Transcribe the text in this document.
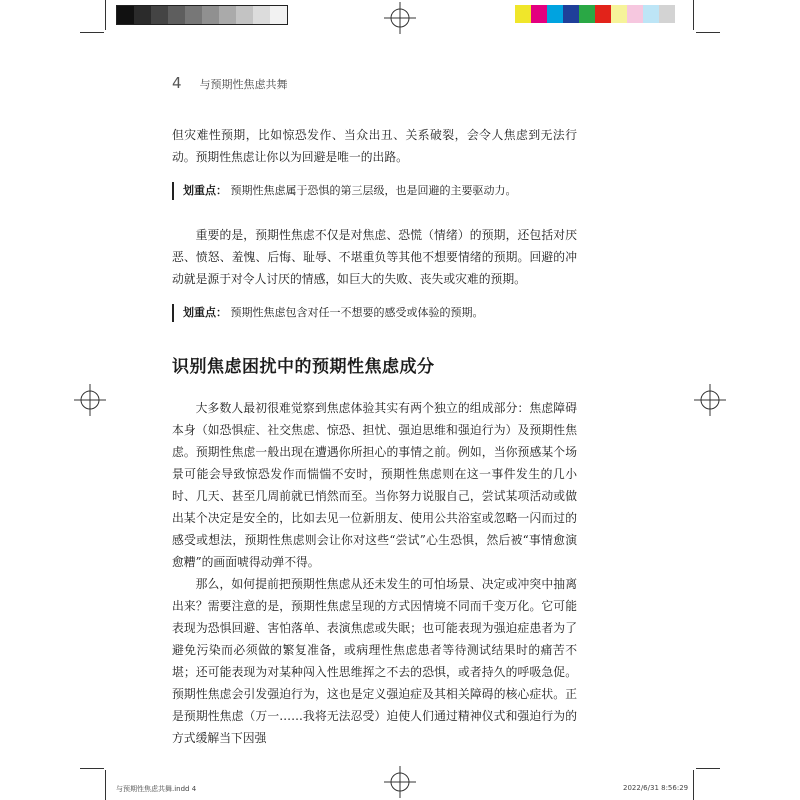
4 与预期性焦虑共舞

但灾难性预期，比如惊恐发作、当众出丑、关系破裂，会令人焦虑到无法行动。预期性焦虑让你以为回避是唯一的出路。

划重点： 预期性焦虑属于恐惧的第三层级，也是回避的主要驱动力。

重要的是，预期性焦虑不仅是对焦虑、恐慌（情绪）的预期，还包括对厌恶、愤怒、羞愧、后悔、耻辱、不堪重负等其他不想要情绪的预期。回避的冲动就是源于对令人讨厌的情感，如巨大的失败、丧失或灾难的预期。

划重点： 预期性焦虑包含对任一不想要的感受或体验的预期。
识别焦虑困扰中的预期性焦虑成分

大多数人最初很难觉察到焦虑体验其实有两个独立的组成部分：焦虑障碍本身（如恐惧症、社交焦虑、惊恐、担忧、强迫思维和强迫行为）及预期性焦虑。预期性焦虑一般出现在遭遇你所担心的事情之前。例如，当你预感某个场景可能会导致惊恐发作而惴惴不安时，预期性焦虑则在这一事件发生的几小时、几天、甚至几周前就已悄然而至。当你努力说服自己，尝试某项活动或做出某个决定是安全的，比如去见一位新朋友、使用公共浴室或忽略一闪而过的感受或想法，预期性焦虑则会让你对这些“尝试”心生恐惧，然后被“事情愈演愈糟”的画面唬得动弹不得。

那么，如何提前把预期性焦虑从还未发生的可怕场景、决定或冲突中抽离出来？需要注意的是，预期性焦虑呈现的方式因情境不同而千变万化。它可能表现为恐惧回避、害怕落单、表演焦虑或失眠；也可能表现为强迫症患者为了避免污染而必须做的繁复准备，或病理性焦虑患者等待测试结果时的痛苦不堪；还可能表现为对某种闯入性思维挥之不去的恐惧，或者持久的呼吸急促。预期性焦虑会引发强迫行为，这也是定义强迫症及其相关障碍的核心症状。正是预期性焦虑（万一……我将无法忍受）迫使人们通过精神仪式和强迫行为的方式缓解当下因强

与预期性焦虑共舞.indd 4	2022/6/31 8:56:29
